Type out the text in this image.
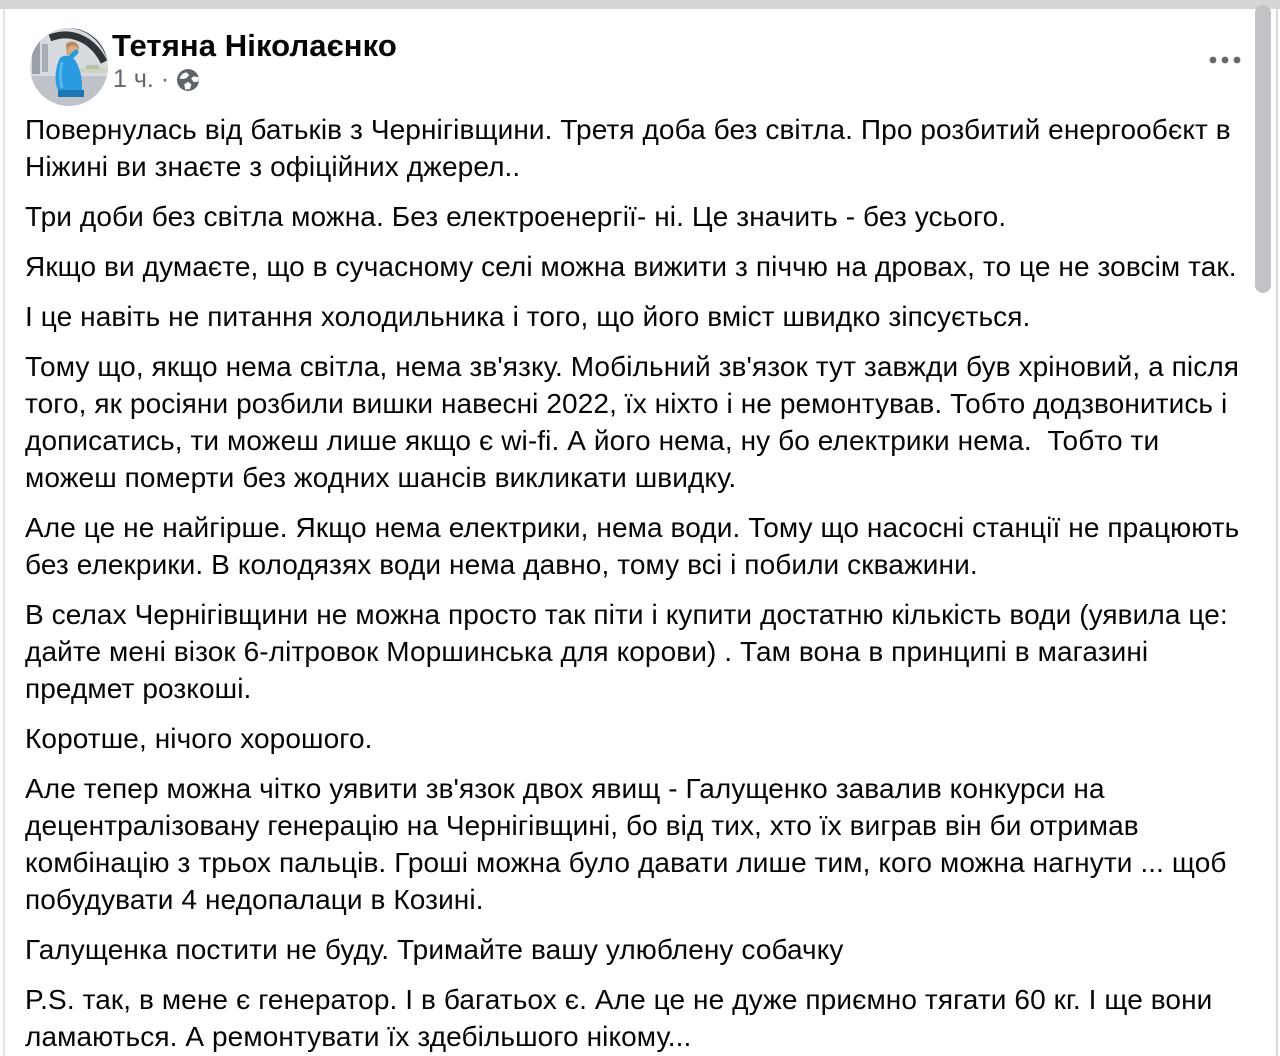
Тетяна Ніколаєнко
1 ч. ·

Повернулась від батьків з Чернігівщини. Третя доба без світла. Про розбитий енергообєкт в Ніжині ви знаєте з офіційних джерел..

Три доби без світла можна. Без електроенергії- ні. Це значить - без усього.

Якщо ви думаєте, що в сучасному селі можна вижити з піччю на дровах, то це не зовсім так.

І це навіть не питання холодильника і того, що його вміст швидко зіпсується.

Тому що, якщо нема світла, нема зв'язку. Мобільний зв'язок тут завжди був хріновий, а після того, як росіяни розбили вишки навесні 2022, їх ніхто і не ремонтував. Тобто додзвонитись і дописатись, ти можеш лише якщо є wi-fi. А його нема, ну бо електрики нема.  Тобто ти можеш померти без жодних шансів викликати швидку.

Але це не найгірше. Якщо нема електрики, нема води. Тому що насосні станції не працюють без елекрики. В колодязях води нема давно, тому всі і побили скважини.

В селах Чернігівщини не можна просто так піти і купити достатню кількість води (уявила це: дайте мені візок 6-літровок Моршинська для корови) . Там вона в принципі в магазині предмет розкоші.

Коротше, нічого хорошого.

Але тепер можна чітко уявити зв'язок двох явищ - Галущенко завалив конкурси на децентралізовану генерацію на Чернігівщині, бо від тих, хто їх виграв він би отримав комбінацію з трьох пальців. Гроші можна було давати лише тим, кого можна нагнути ... щоб побудувати 4 недопалаци в Козині.

Галущенка постити не буду. Тримайте вашу улюблену собачку

P.S. так, в мене є генератор. І в багатьох є. Але це не дуже приємно тягати 60 кг. І ще вони ламаються. А ремонтувати їх здебільшого нікому...
